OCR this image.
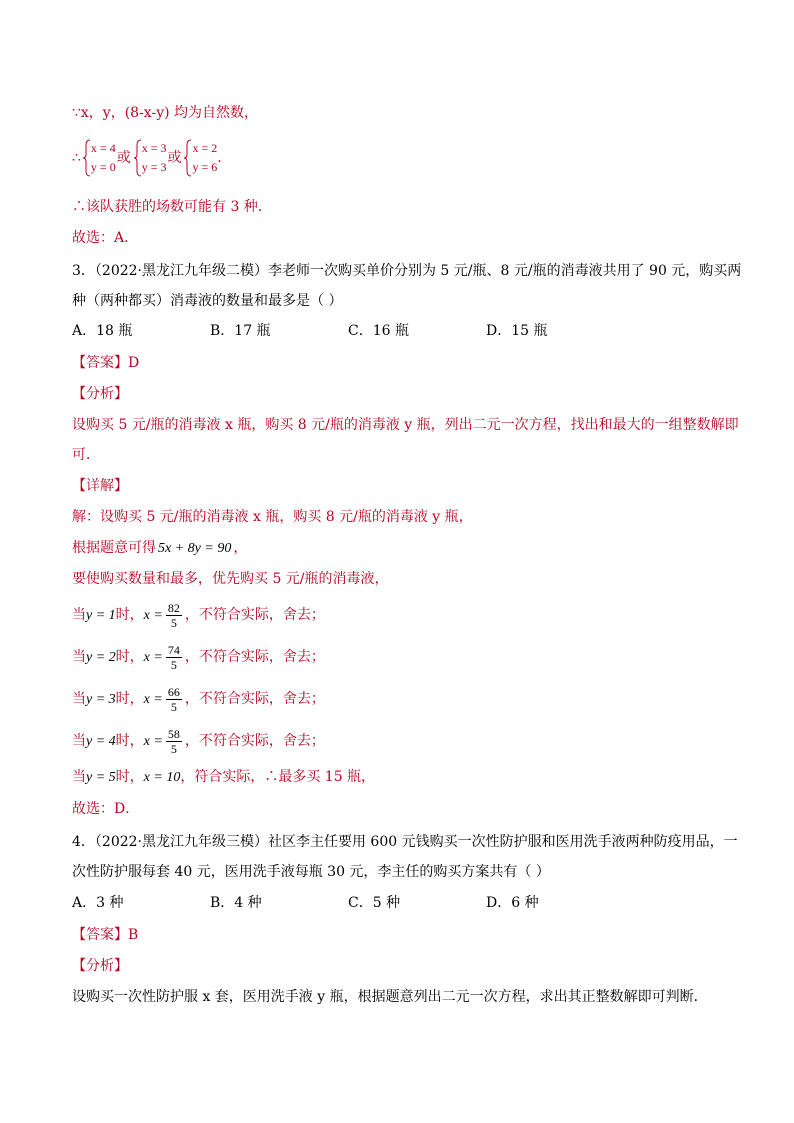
∵x，y，(8-x-y) 均为自然数，
∴
x = 4
y = 0
或
x = 3
y = 3
或
x = 2
y = 6
.
∴该队获胜的场数可能有 3 种．
故选：A．
3．（2022·黑龙江九年级二模）李老师一次购买单价分别为 5 元/瓶、8 元/瓶的消毒液共用了 90 元，购买两
种（两种都买）消毒液的数量和最多是（ ）
A．18 瓶	B．17 瓶	C．16 瓶	D．15 瓶
【答案】D
【分析】
设购买 5 元/瓶的消毒液 x 瓶，购买 8 元/瓶的消毒液 y 瓶，列出二元一次方程，找出和最大的一组整数解即
可．
【详解】
解：设购买 5 元/瓶的消毒液 x 瓶，购买 8 元/瓶的消毒液 y 瓶，
根据题意可得 5x + 8y = 90 ，
要使购买数量和最多，优先购买 5 元/瓶的消毒液，
当y = 1时，$x = \frac{82}{5}$ ，不符合实际，舍去；
当y = 2时，$x = \frac{74}{5}$ ，不符合实际，舍去；
当y = 3时，$x = \frac{66}{5}$ ，不符合实际，舍去；
当y = 4时，$x = \frac{58}{5}$ ，不符合实际，舍去；
当y = 5时，x = 10，符合实际，∴最多买 15 瓶，
故选：D．
4．（2022·黑龙江九年级三模）社区李主任要用 600 元钱购买一次性防护服和医用洗手液两种防疫用品，一
次性防护服每套 40 元，医用洗手液每瓶 30 元，李主任的购买方案共有（ ）
A．3 种	B．4 种	C．5 种	D．6 种
【答案】B
【分析】
设购买一次性防护服 x 套，医用洗手液 y 瓶，根据题意列出二元一次方程，求出其正整数解即可判断．
